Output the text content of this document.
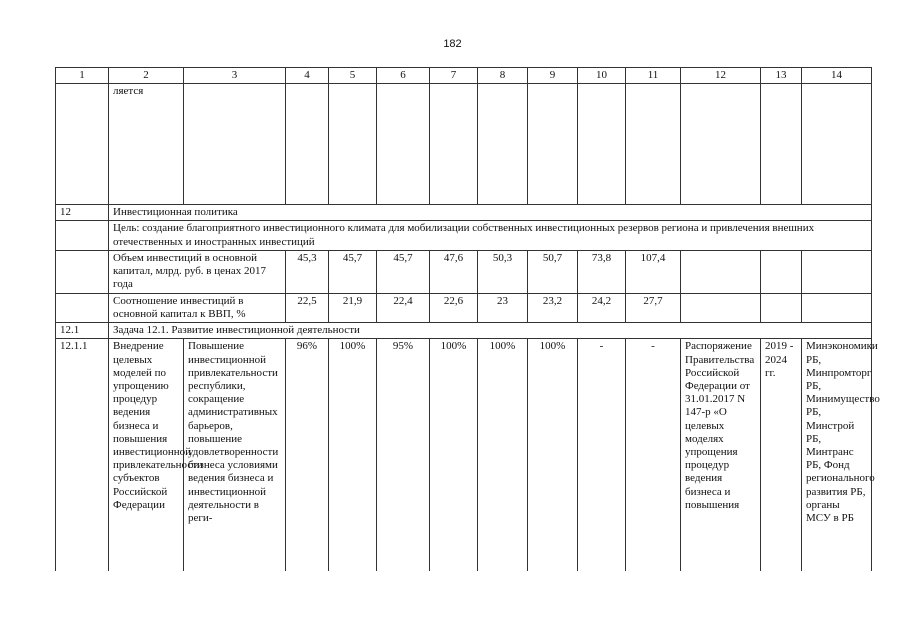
182
1	2	3	4	5	6	7	8	9	10	11	12	13	14
	ляется												
12	Инвестиционная политика												
	Цель: создание благоприятного инвестиционного климата для мобилизации собственных инвестиционных резервов региона и привлечения внешних отечественных и иностранных инвестиций												
	Объем инвестиций в основной капитал, млрд. руб. в ценах 2017 года		45,3	45,7	45,7	47,6	50,3	50,7	73,8	107,4			
	Соотношение инвестиций в основной капитал к ВВП, %		22,5	21,9	22,4	22,6	23	23,2	24,2	27,7			
12.1	Задача 12.1. Развитие инвестиционной деятельности												
12.1.1	Внедрение целевых моделей по упрощению процедур ведения бизнеса и повышения инвестиционной привлекательности субъектов Российской Федерации	Повышение инвестиционной привлекательности республики, сокращение административных барьеров, повышение удовлетворенности бизнеса условиями ведения бизнеса и инвестиционной деятельности в реги-	96%	100%	95%	100%	100%	100%	-	-	Распоряжение Правительства Российской Федерации от 31.01.2017 N 147-р «О целевых моделях упрощения процедур ведения бизнеса и повышения	2019 - 2024 гг.	Минэкономики РБ, Минпромторг РБ, Минимущество РБ, Минстрой РБ, Минтранс РБ, Фонд регионального развития РБ, органы МСУ в РБ
